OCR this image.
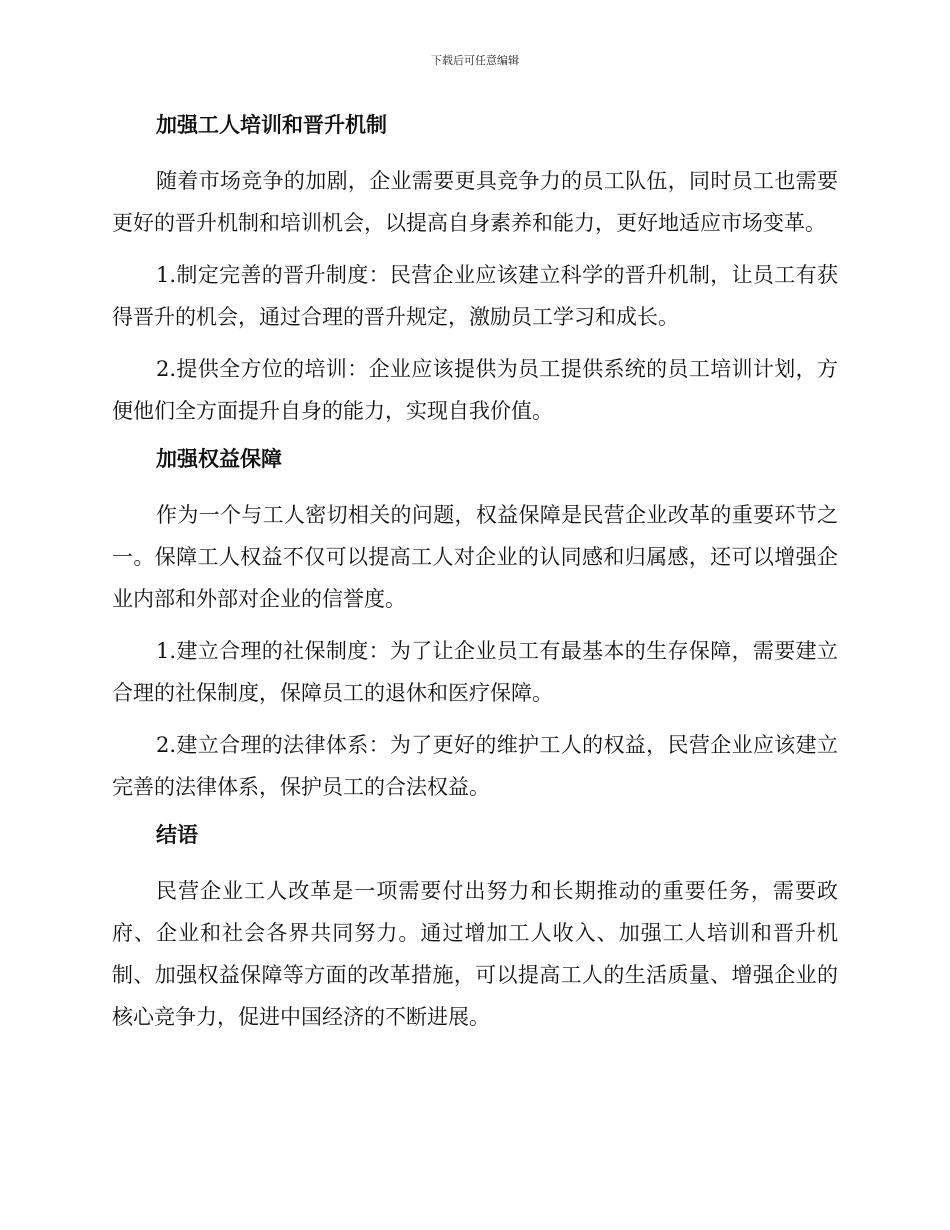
下载后可任意编辑
加强工人培训和晋升机制

随着市场竞争的加剧，企业需要更具竞争力的员工队伍，同时员工也需要更好的晋升机制和培训机会，以提高自身素养和能力，更好地适应市场变革。

1.制定完善的晋升制度：民营企业应该建立科学的晋升机制，让员工有获得晋升的机会，通过合理的晋升规定，激励员工学习和成长。

2.提供全方位的培训：企业应该提供为员工提供系统的员工培训计划，方便他们全方面提升自身的能力，实现自我价值。

加强权益保障

作为一个与工人密切相关的问题，权益保障是民营企业改革的重要环节之一。保障工人权益不仅可以提高工人对企业的认同感和归属感，还可以增强企业内部和外部对企业的信誉度。

1.建立合理的社保制度：为了让企业员工有最基本的生存保障，需要建立合理的社保制度，保障员工的退休和医疗保障。

2.建立合理的法律体系：为了更好的维护工人的权益，民营企业应该建立完善的法律体系，保护员工的合法权益。

结语

民营企业工人改革是一项需要付出努力和长期推动的重要任务，需要政府、企业和社会各界共同努力。通过增加工人收入、加强工人培训和晋升机制、加强权益保障等方面的改革措施，可以提高工人的生活质量、增强企业的核心竞争力，促进中国经济的不断进展。
